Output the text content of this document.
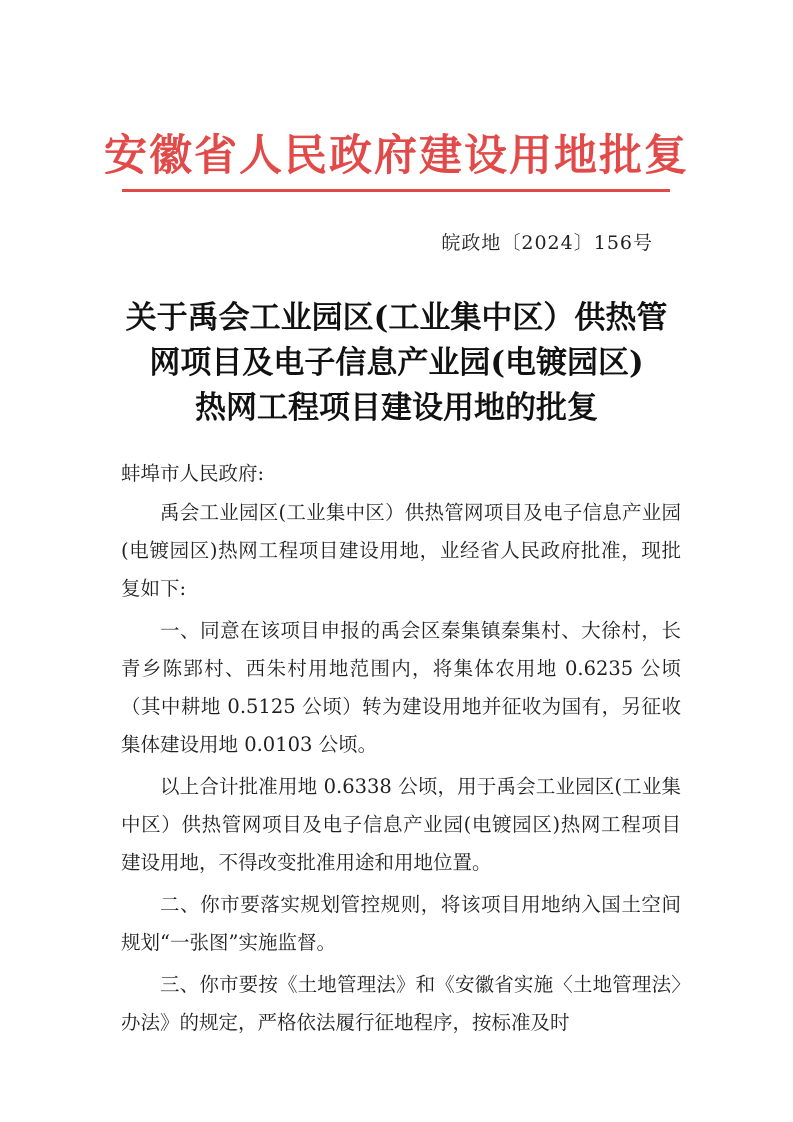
安徽省人民政府建设用地批复
皖政地〔2024〕156号
关于禹会工业园区(工业集中区）供热管
网项目及电子信息产业园(电镀园区)
热网工程项目建设用地的批复
蚌埠市人民政府:

禹会工业园区(工业集中区）供热管网项目及电子信息产业园(电镀园区)热网工程项目建设用地，业经省人民政府批准，现批复如下:

一、同意在该项目申报的禹会区秦集镇秦集村、大徐村，长青乡陈郢村、西朱村用地范围内，将集体农用地 0.6235 公顷（其中耕地 0.5125 公顷）转为建设用地并征收为国有，另征收集体建设用地 0.0103 公顷。

以上合计批准用地 0.6338 公顷，用于禹会工业园区(工业集中区）供热管网项目及电子信息产业园(电镀园区)热网工程项目建设用地，不得改变批准用途和用地位置。

二、你市要落实规划管控规则，将该项目用地纳入国土空间规划“一张图”实施监督。

三、你市要按《土地管理法》和《安徽省实施〈土地管理法〉办法》的规定，严格依法履行征地程序，按标准及时
